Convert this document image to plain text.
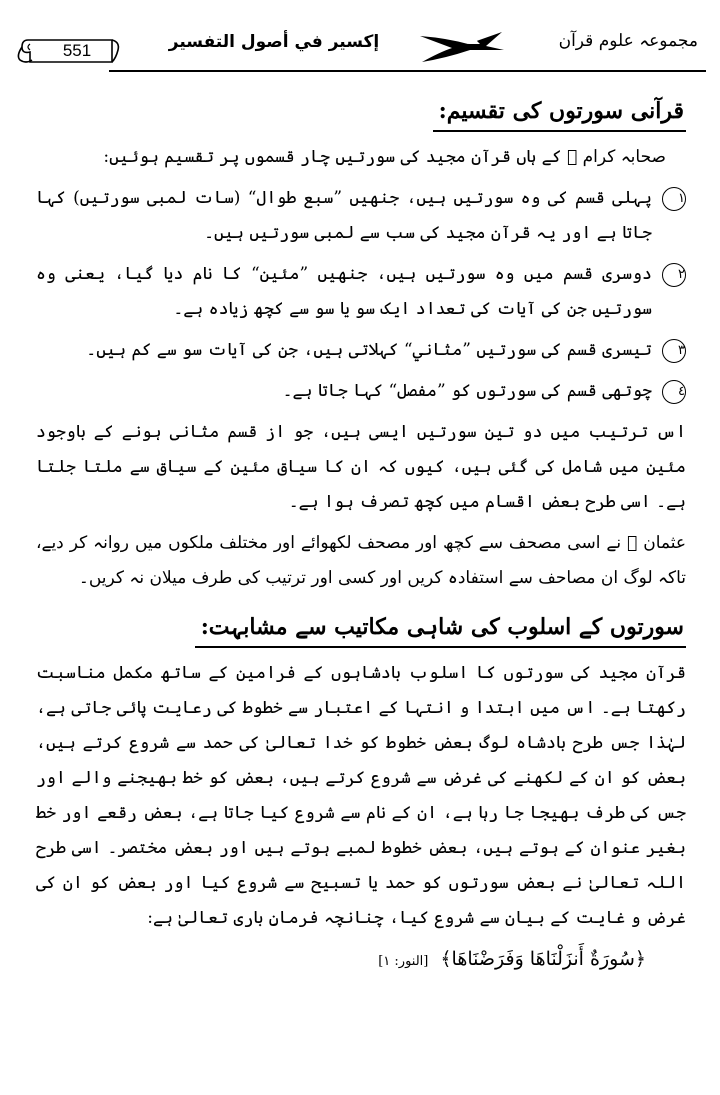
551	إكسير في أصول التفسير	مجموعہ علوم قرآن
قرآنی سورتوں کی تقسیم:

صحابہ کرام ﷡ کے ہاں قرآن مجید کی سورتیں چار قسموں پر تقسیم ہوئیں:

١
پہلی قسم کی وہ سورتیں ہیں، جنھیں ”سبع طوال“ (سات لمبی سورتیں) کہا جاتا ہے اور یہ قرآن مجید کی سب سے لمبی سورتیں ہیں۔
٢
دوسری قسم میں وہ سورتیں ہیں، جنھیں ”مئین“ کا نام دیا گیا، یعنی وہ سورتیں جن کی آیات کی تعداد ایک سو یا سو سے کچھ زیادہ ہے۔
٣
تیسری قسم کی سورتیں ”مثاني“ کہلاتی ہیں، جن کی آیات سو سے کم ہیں۔
٤
چوتھی قسم کی سورتوں کو ”مفصل“ کہا جاتا ہے۔

اس ترتیب میں دو تین سورتیں ایسی ہیں، جو از قسم مثانی ہونے کے باوجود مئین میں شامل کی گئی ہیں، کیوں کہ ان کا سیاق مئین کے سیاق سے ملتا جلتا ہے۔ اسی طرح بعض اقسام میں کچھ تصرف ہوا ہے۔

عثمان ﷜ نے اسی مصحف سے کچھ اور مصحف لکھوائے اور مختلف ملکوں میں روانہ کر دیے، تاکہ لوگ ان مصاحف سے استفادہ کریں اور کسی اور ترتیب کی طرف میلان نہ کریں۔

سورتوں کے اسلوب کی شاہی مکاتیب سے مشابہت:

قرآن مجید کی سورتوں کا اسلوب بادشاہوں کے فرامین کے ساتھ مکمل مناسبت رکھتا ہے۔ اس میں ابتدا و انتہا کے اعتبار سے خطوط کی رعایت پائی جاتی ہے، لہٰذا جس طرح بادشاہ لوگ بعض خطوط کو خدا تعالیٰ کی حمد سے شروع کرتے ہیں، بعض کو ان کے لکھنے کی غرض سے شروع کرتے ہیں، بعض کو خط بھیجنے والے اور جس کی طرف بھیجا جا رہا ہے، ان کے نام سے شروع کیا جاتا ہے، بعض رقعے اور خط بغیر عنوان کے ہوتے ہیں، بعض خطوط لمبے ہوتے ہیں اور بعض مختصر۔ اسی طرح اللہ تعالیٰ نے بعض سورتوں کو حمد یا تسبیح سے شروع کیا اور بعض کو ان کی غرض و غایت کے بیان سے شروع کیا، چنانچہ فرمانِ باری تعالیٰ ہے:

﴿سُورَةٌ أَنزَلْنَاهَا وَفَرَضْنَاهَا﴾ [النور: ١]
